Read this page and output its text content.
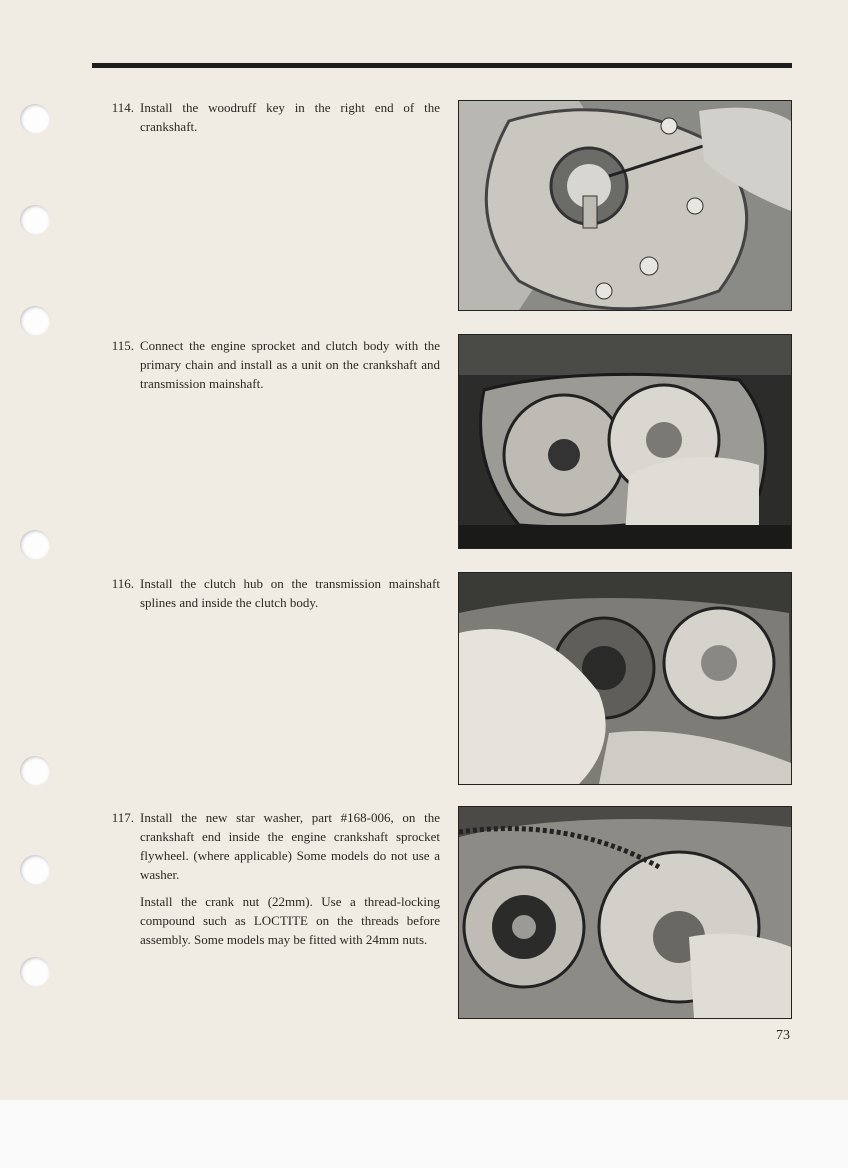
114. Install the woodruff key in the right end of the crankshaft.

115. Connect the engine sprocket and clutch body with the primary chain and install as a unit on the crankshaft and transmission mainshaft.

116. Install the clutch hub on the transmission mainshaft splines and inside the clutch body.

117. Install the new star washer, part #168-006, on the crankshaft end inside the engine crankshaft sprocket flywheel. (where applicable) Some models do not use a washer.

Install the crank nut (22mm). Use a thread-locking compound such as LOCTITE on the threads before assembly. Some models may be fitted with 24mm nuts.

73
